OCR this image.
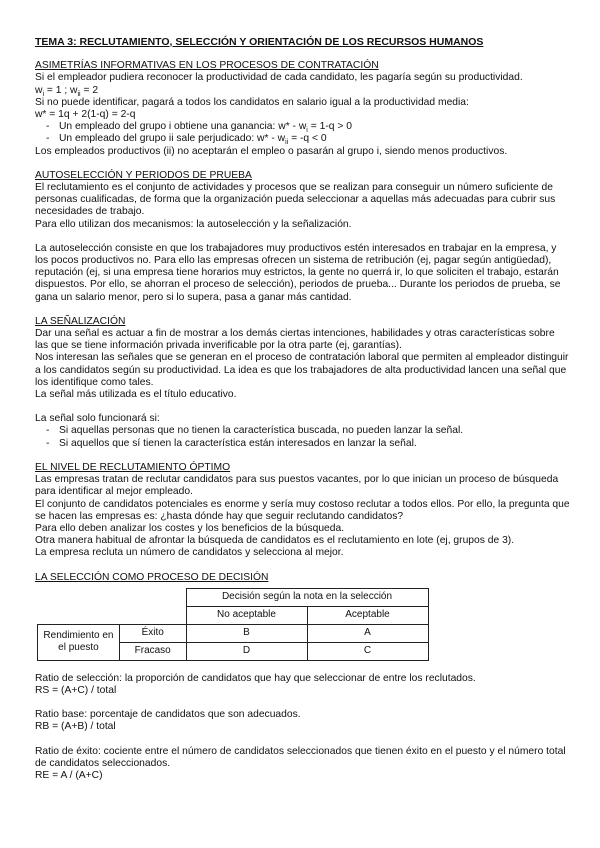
TEMA 3: RECLUTAMIENTO, SELECCIÓN Y ORIENTACIÓN DE LOS RECURSOS HUMANOS

ASIMETRÍAS INFORMATIVAS EN LOS PROCESOS DE CONTRATACIÓN

Si el empleador pudiera reconocer la productividad de cada candidato, les pagaría según su productividad.

$w_i = 1$ ; $w_{ii} = 2$

Si no puede identificar, pagará a todos los candidatos en salario igual a la productividad media:

w* = 1q + 2(1-q) = 2-q

- Un empleado del grupo i obtiene una ganancia: $w* - w_i = 1-q > 0$
- Un empleado del grupo ii sale perjudicado: $w* - w_{ii} = -q < 0$

Los empleados productivos (ii) no aceptarán el empleo o pasarán al grupo i, siendo menos productivos.

AUTOSELECCIÓN Y PERIODOS DE PRUEBA

El reclutamiento es el conjunto de actividades y procesos que se realizan para conseguir un número suficiente de personas cualificadas, de forma que la organización pueda seleccionar a aquellas más adecuadas para cubrir sus necesidades de trabajo.

Para ello utilizan dos mecanismos: la autoselección y la señalización.

La autoselección consiste en que los trabajadores muy productivos estén interesados en trabajar en la empresa, y los pocos productivos no. Para ello las empresas ofrecen un sistema de retribución (ej, pagar según antigüedad), reputación (ej, si una empresa tiene horarios muy estrictos, la gente no querrá ir, lo que soliciten el trabajo, estarán dispuestos. Por ello, se ahorran el proceso de selección), periodos de prueba... Durante los periodos de prueba, se gana un salario menor, pero si lo supera, pasa a ganar más cantidad.

LA SEÑALIZACIÓN

Dar una señal es actuar a fin de mostrar a los demás ciertas intenciones, habilidades y otras características sobre las que se tiene información privada inverificable por la otra parte (ej, garantías).

Nos interesan las señales que se generan en el proceso de contratación laboral que permiten al empleador distinguir a los candidatos según su productividad. La idea es que los trabajadores de alta productividad lancen una señal que los identifique como tales.

La señal más utilizada es el título educativo.

La señal solo funcionará si:

- Si aquellas personas que no tienen la característica buscada, no pueden lanzar la señal.
- Si aquellos que sí tienen la característica están interesados en lanzar la señal.

EL NIVEL DE RECLUTAMIENTO ÓPTIMO

Las empresas tratan de reclutar candidatos para sus puestos vacantes, por lo que inician un proceso de búsqueda para identificar al mejor empleado.

El conjunto de candidatos potenciales es enorme y sería muy costoso reclutar a todos ellos. Por ello, la pregunta que se hacen las empresas es: ¿hasta dónde hay que seguir reclutando candidatos?

Para ello deben analizar los costes y los beneficios de la búsqueda.

Otra manera habitual de afrontar la búsqueda de candidatos es el reclutamiento en lote (ej, grupos de 3).

La empresa recluta un número de candidatos y selecciona al mejor.

LA SELECCIÓN COMO PROCESO DE DECISIÓN

		Decisión según la nota en la selección	
		No aceptable	Aceptable
Rendimiento en el puesto	Éxito	B	A
	Fracaso	D	C

Ratio de selección: la proporción de candidatos que hay que seleccionar de entre los reclutados.

RS = (A+C) / total

Ratio base: porcentaje de candidatos que son adecuados.

RB = (A+B) / total

Ratio de éxito: cociente entre el número de candidatos seleccionados que tienen éxito en el puesto y el número total de candidatos seleccionados.

RE = A / (A+C)
